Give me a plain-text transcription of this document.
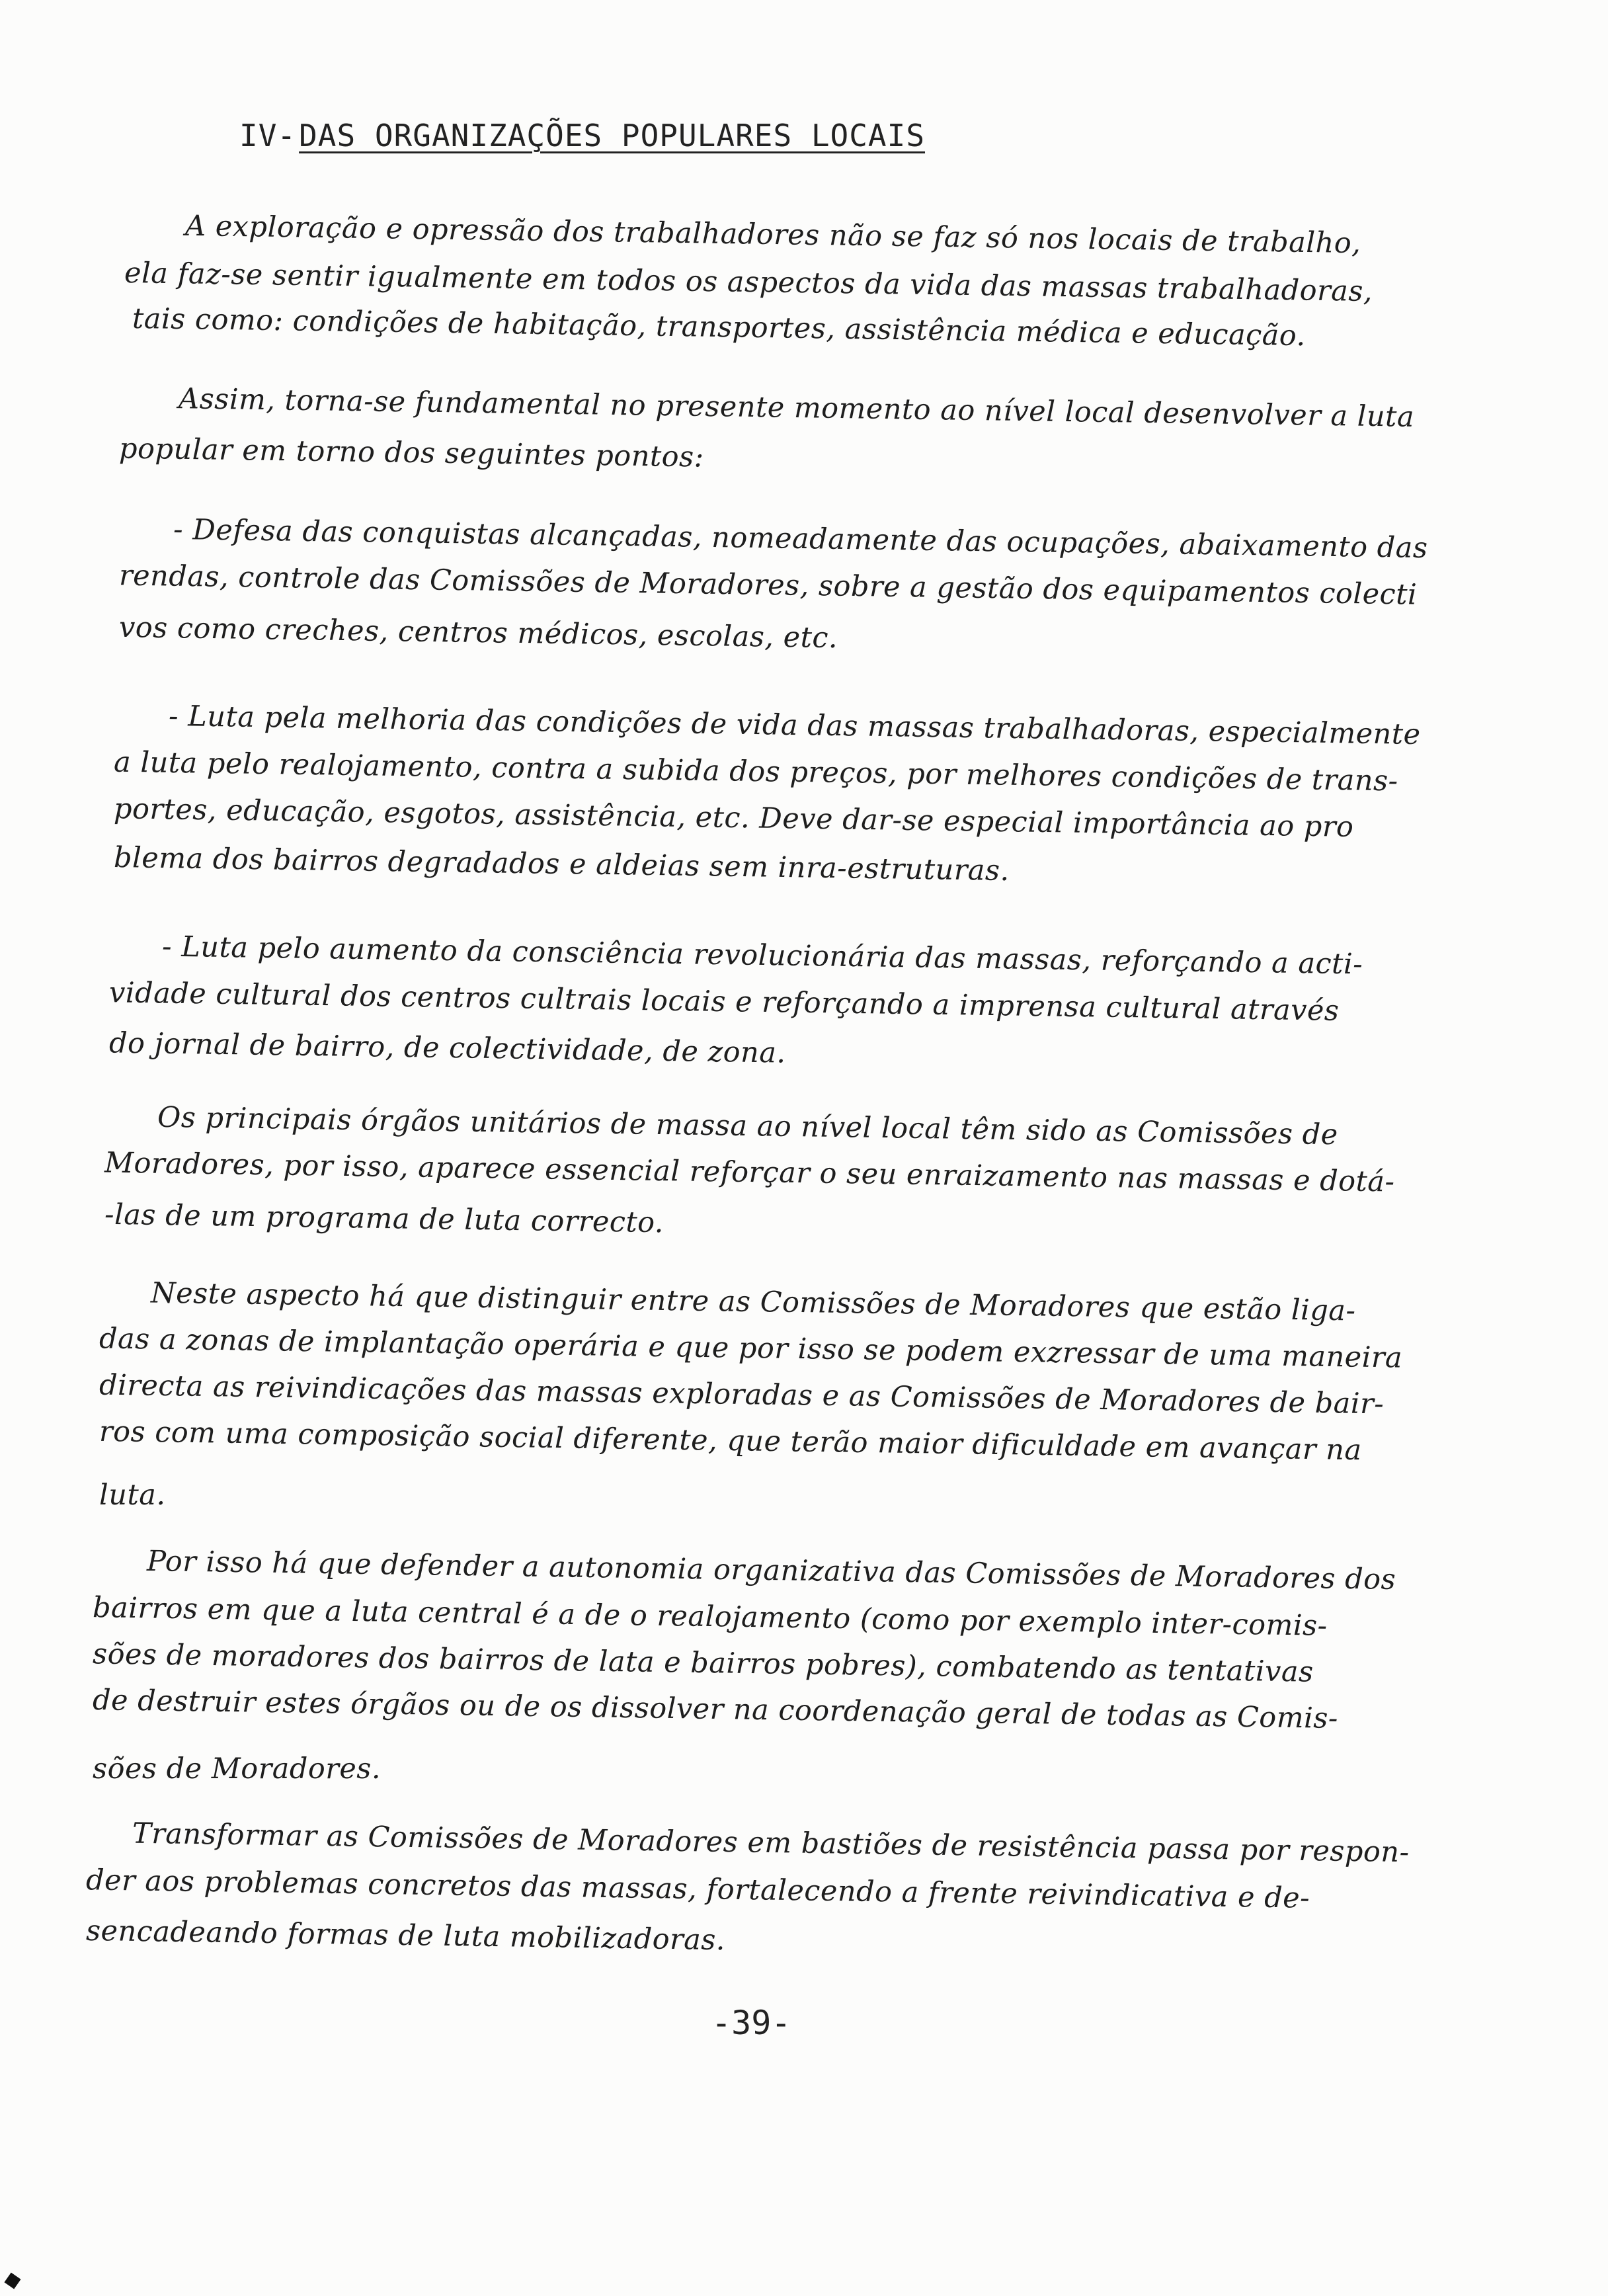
IV-DAS ORGANIZAÇÕES POPULARES LOCAIS
A exploração e opressão dos trabalhadores não se faz só nos locais de trabalho,
ela faz-se sentir igualmente em todos os aspectos da vida das massas trabalhadoras,
tais como: condições de habitação, transportes, assistência médica e educação.
Assim, torna-se fundamental no presente momento ao nível local desenvolver a luta
popular em torno dos seguintes pontos:
- Defesa das conquistas alcançadas, nomeadamente das ocupações, abaixamento das
rendas, controle das Comissões de Moradores, sobre a gestão dos equipamentos colecti
vos como creches, centros médicos, escolas, etc.
- Luta pela melhoria das condições de vida das massas trabalhadoras, especialmente
a luta pelo realojamento, contra a subida dos preços, por melhores condições de trans-
portes, educação, esgotos, assistência, etc. Deve dar-se especial importância ao pro
blema dos bairros degradados e aldeias sem inra-estruturas.
- Luta pelo aumento da consciência revolucionária das massas, reforçando a acti-
vidade cultural dos centros cultrais locais e reforçando a imprensa cultural através
do jornal de bairro, de colectividade, de zona.
Os principais órgãos unitários de massa ao nível local têm sido as Comissões de
Moradores, por isso, aparece essencial reforçar o seu enraizamento nas massas e dotá-
-las de um programa de luta correcto.
Neste aspecto há que distinguir entre as Comissões de Moradores que estão liga-
das a zonas de implantação operária e que por isso se podem exzressar de uma maneira
directa as reivindicações das massas exploradas e as Comissões de Moradores de bair-
ros com uma composição social diferente, que terão maior dificuldade em avançar na
luta.
Por isso há que defender a autonomia organizativa das Comissões de Moradores dos
bairros em que a luta central é a de o realojamento (como por exemplo inter-comis-
sões de moradores dos bairros de lata e bairros pobres), combatendo as tentativas
de destruir estes órgãos ou de os dissolver na coordenação geral de todas as Comis-
sões de Moradores.
Transformar as Comissões de Moradores em bastiões de resistência passa por respon-
der aos problemas concretos das massas, fortalecendo a frente reivindicativa e de-
sencadeando formas de luta mobilizadoras.
-39-
